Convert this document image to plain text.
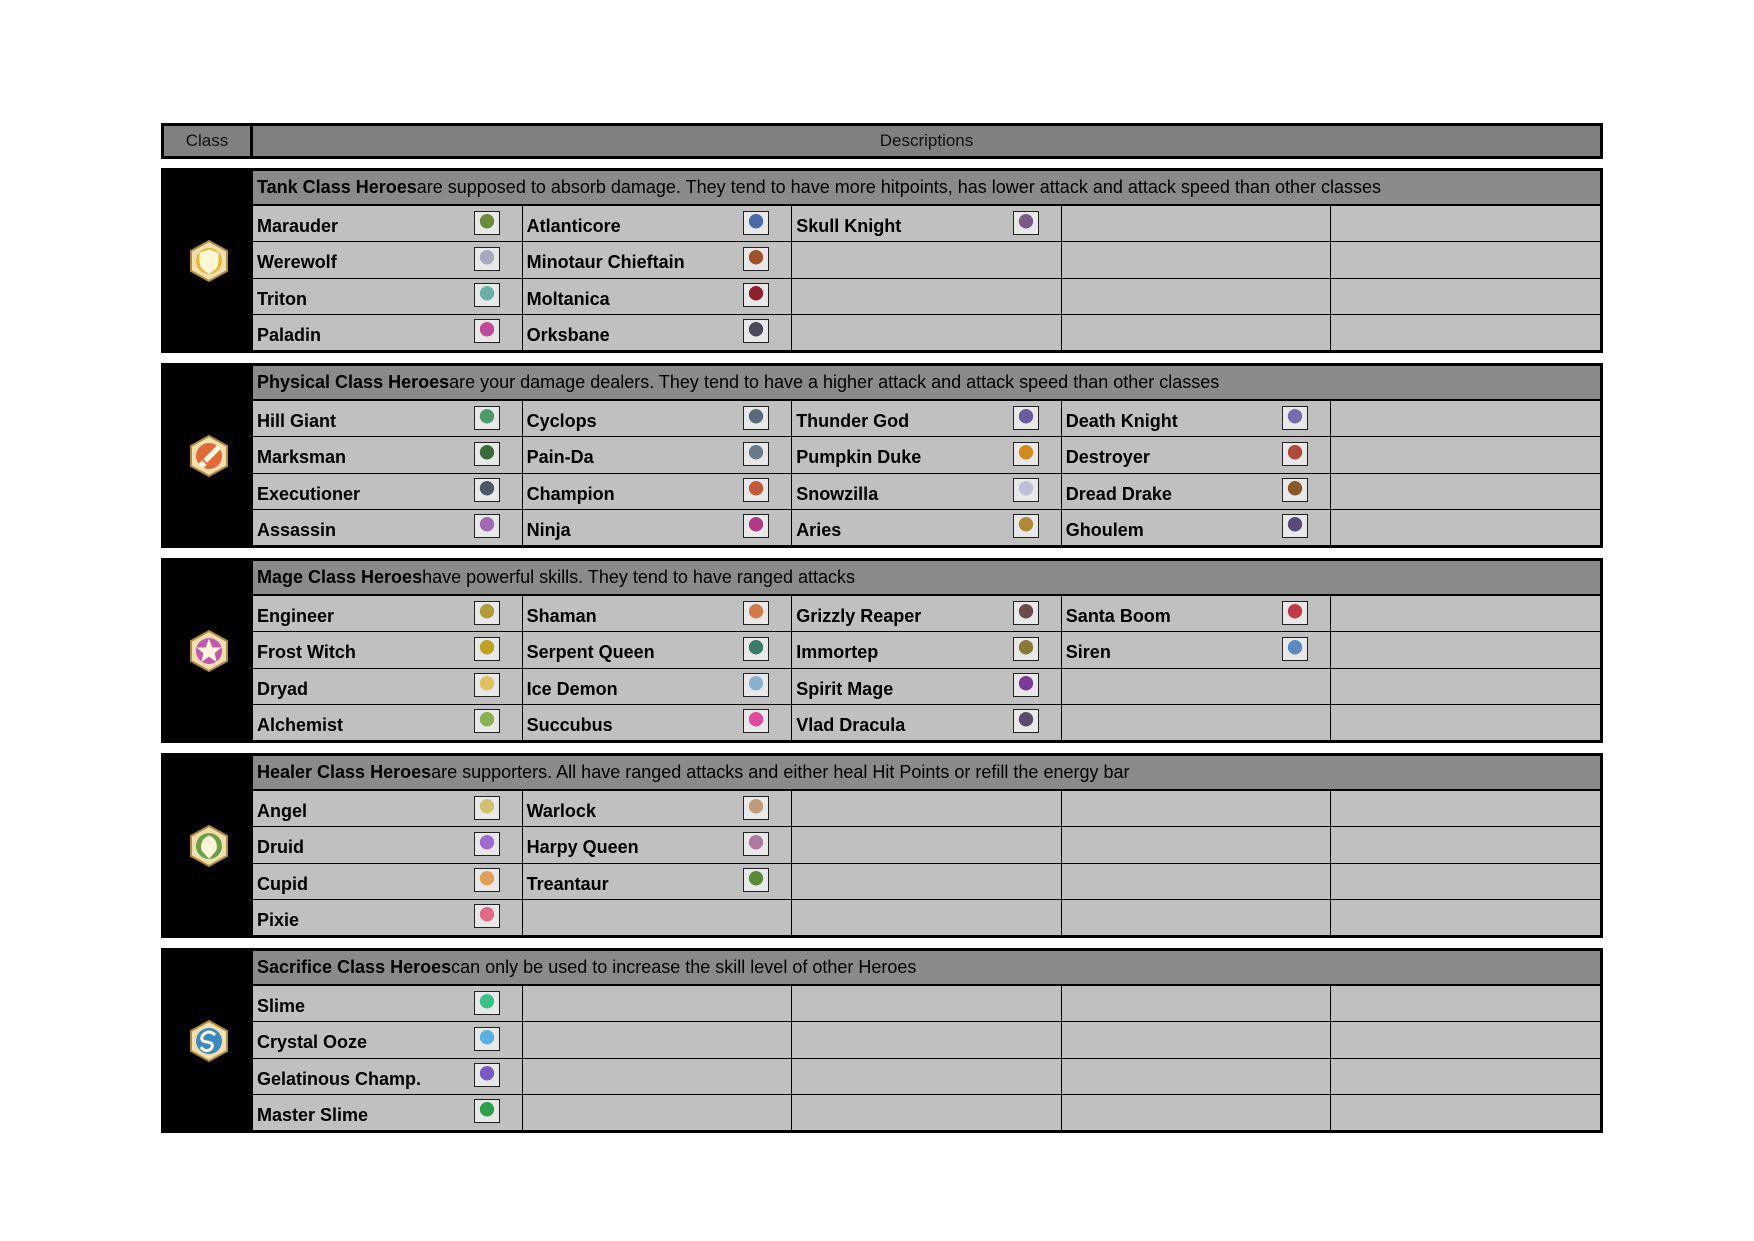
Class	Descriptions
Tank Class Heroes are supposed to absorb damage. They tend to have more hitpoints, has lower attack and attack speed than other classes
Marauder	Atlanticore	Skull Knight
Werewolf	Minotaur Chieftain
Triton	Moltanica
Paladin	Orksbane
Physical Class Heroes are your damage dealers. They tend to have a higher attack and attack speed than other classes
Hill Giant	Cyclops	Thunder God	Death Knight
Marksman	Pain-Da	Pumpkin Duke	Destroyer
Executioner	Champion	Snowzilla	Dread Drake
Assassin	Ninja	Aries	Ghoulem
Mage Class Heroes have powerful skills. They tend to have ranged attacks
Engineer	Shaman	Grizzly Reaper	Santa Boom
Frost Witch	Serpent Queen	Immortep	Siren
Dryad	Ice Demon	Spirit Mage
Alchemist	Succubus	Vlad Dracula
Healer Class Heroes are supporters. All have ranged attacks and either heal Hit Points or refill the energy bar
Angel	Warlock
Druid	Harpy Queen
Cupid	Treantaur
Pixie
Sacrifice Class Heroes can only be used to increase the skill level of other Heroes
Slime
Crystal Ooze
Gelatinous Champ.
Master Slime
